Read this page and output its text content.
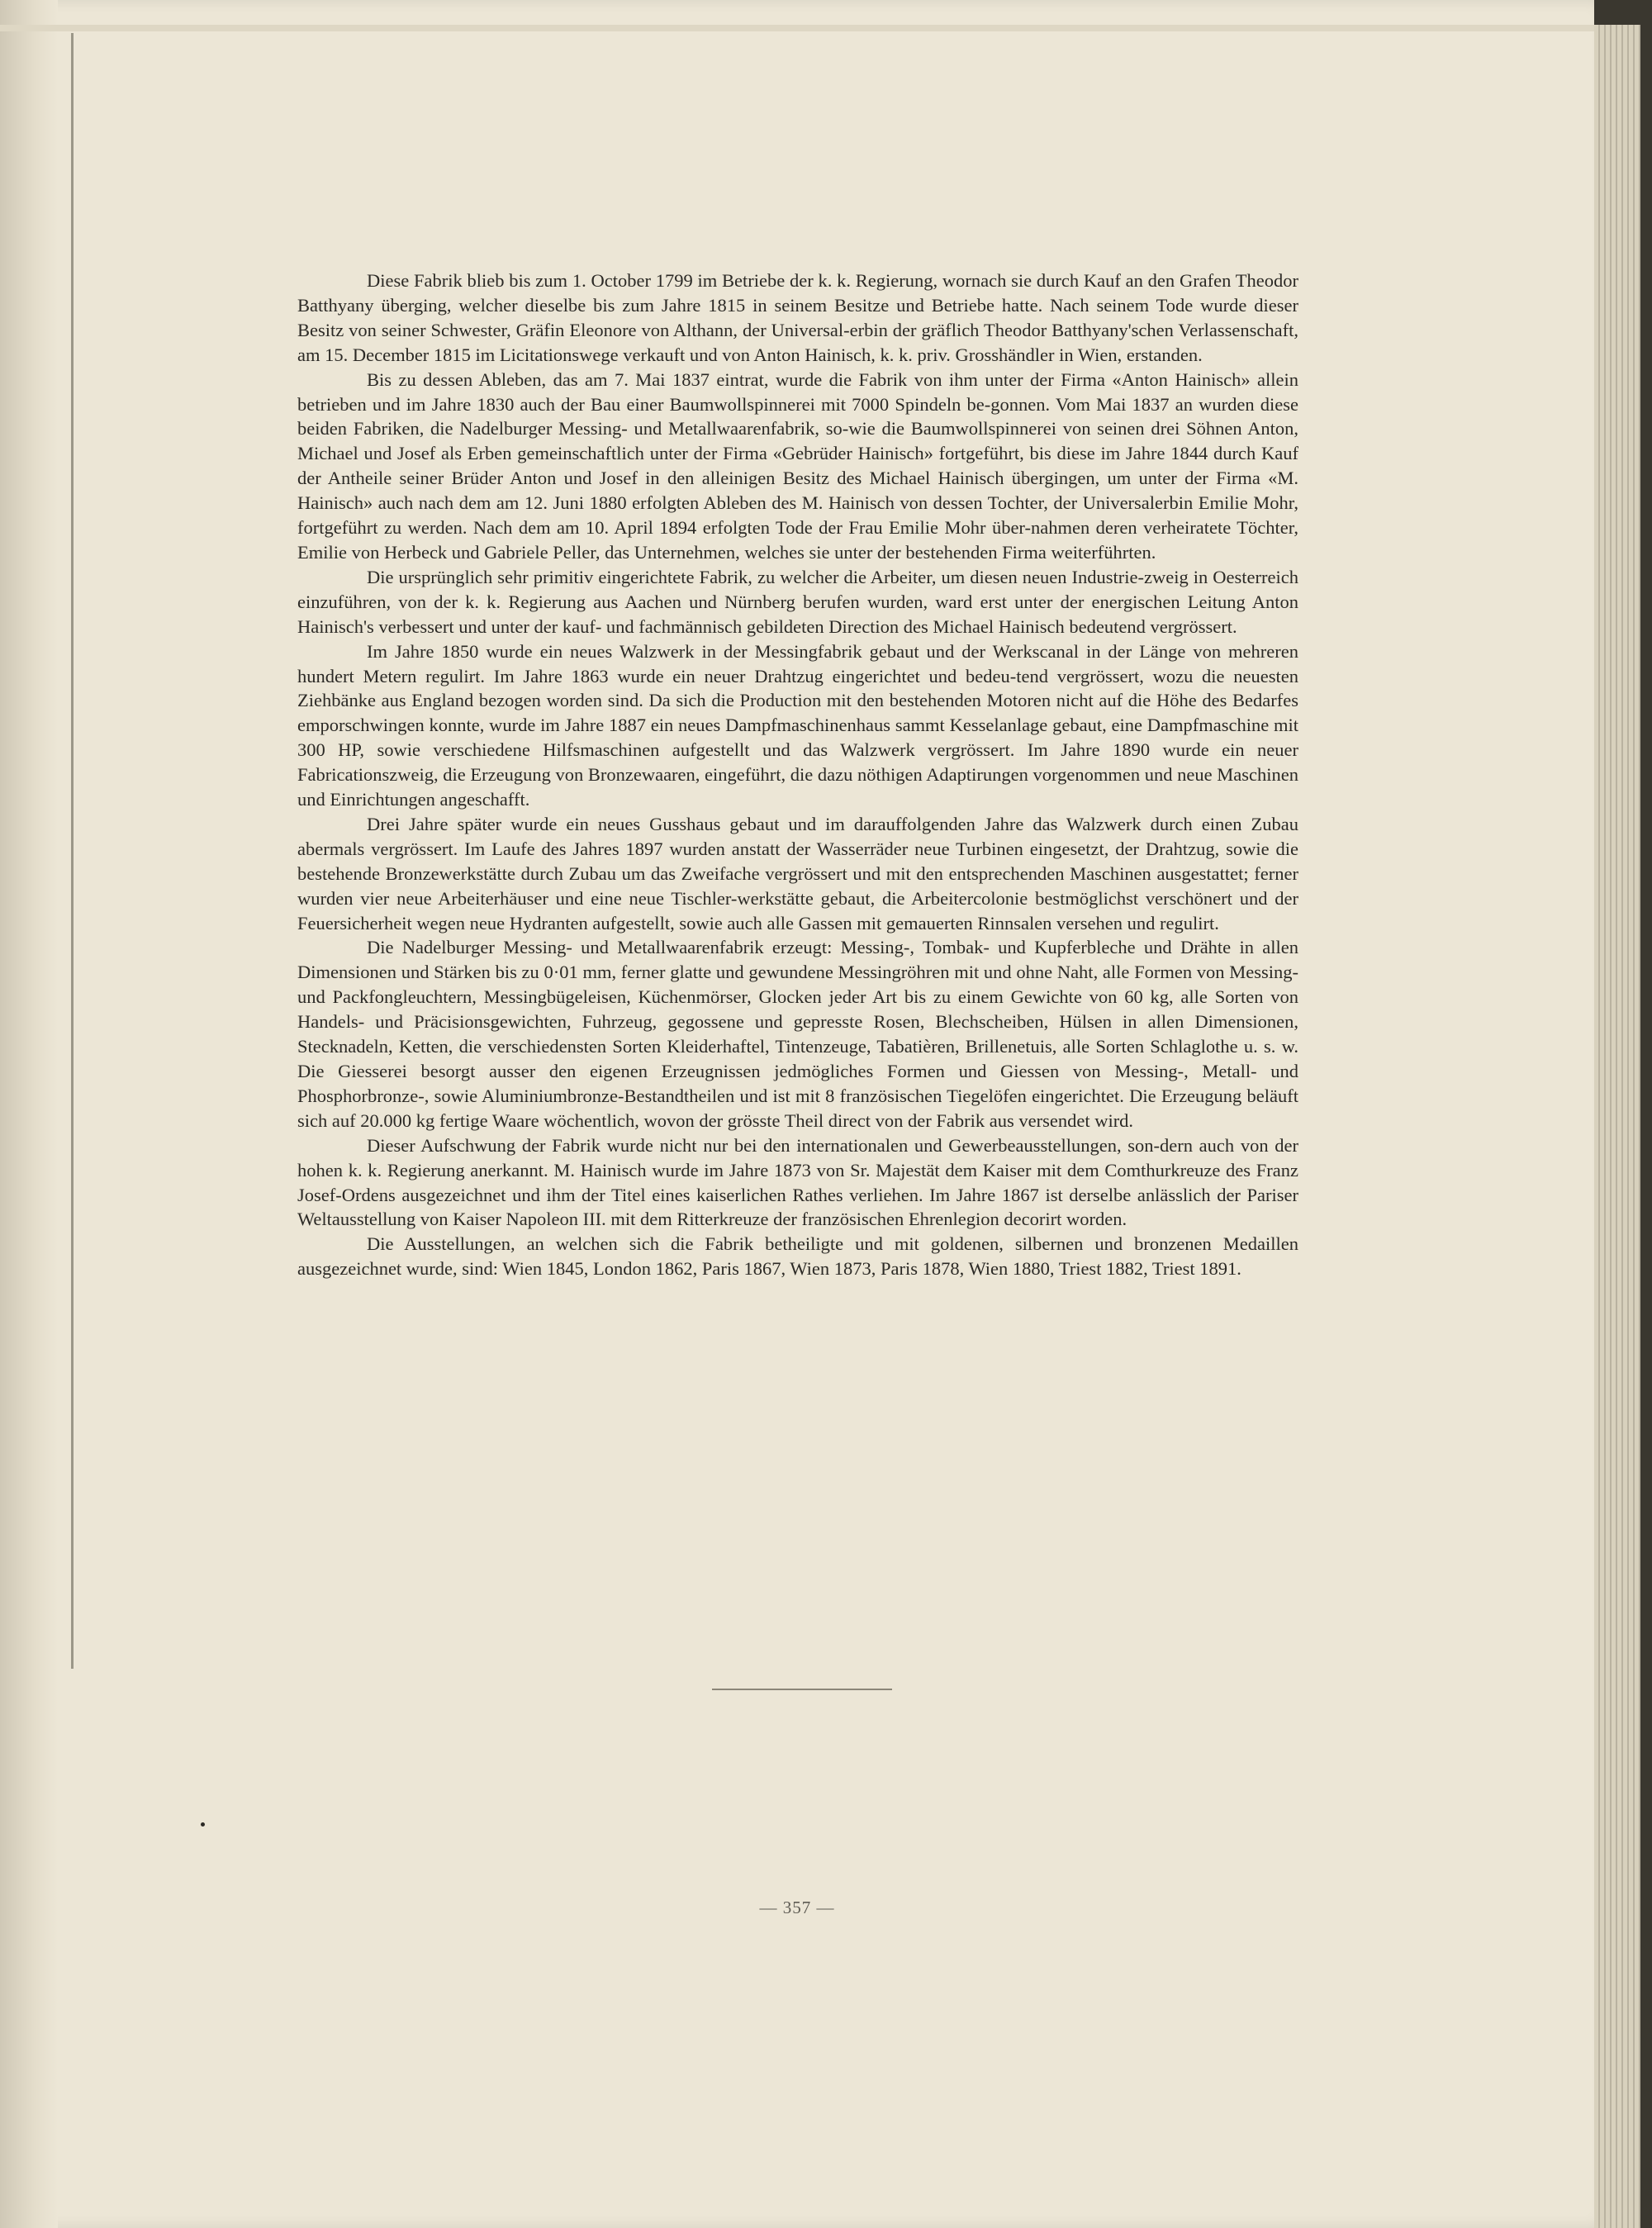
Diese Fabrik blieb bis zum 1. October 1799 im Betriebe der k. k. Regierung, wornach sie durch Kauf an den Grafen Theodor Batthyany überging, welcher dieselbe bis zum Jahre 1815 in seinem Besitze und Betriebe hatte. Nach seinem Tode wurde dieser Besitz von seiner Schwester, Gräfin Eleonore von Althann, der Universal-erbin der gräflich Theodor Batthyany'schen Verlassenschaft, am 15. December 1815 im Licitationswege verkauft und von Anton Hainisch, k. k. priv. Grosshändler in Wien, erstanden.

Bis zu dessen Ableben, das am 7. Mai 1837 eintrat, wurde die Fabrik von ihm unter der Firma «Anton Hainisch» allein betrieben und im Jahre 1830 auch der Bau einer Baumwollspinnerei mit 7000 Spindeln be-gonnen. Vom Mai 1837 an wurden diese beiden Fabriken, die Nadelburger Messing- und Metallwaarenfabrik, so-wie die Baumwollspinnerei von seinen drei Söhnen Anton, Michael und Josef als Erben gemeinschaftlich unter der Firma «Gebrüder Hainisch» fortgeführt, bis diese im Jahre 1844 durch Kauf der Antheile seiner Brüder Anton und Josef in den alleinigen Besitz des Michael Hainisch übergingen, um unter der Firma «M. Hainisch» auch nach dem am 12. Juni 1880 erfolgten Ableben des M. Hainisch von dessen Tochter, der Universalerbin Emilie Mohr, fortgeführt zu werden. Nach dem am 10. April 1894 erfolgten Tode der Frau Emilie Mohr über-nahmen deren verheiratete Töchter, Emilie von Herbeck und Gabriele Peller, das Unternehmen, welches sie unter der bestehenden Firma weiterführten.

Die ursprünglich sehr primitiv eingerichtete Fabrik, zu welcher die Arbeiter, um diesen neuen Industrie-zweig in Oesterreich einzuführen, von der k. k. Regierung aus Aachen und Nürnberg berufen wurden, ward erst unter der energischen Leitung Anton Hainisch's verbessert und unter der kauf- und fachmännisch gebildeten Direction des Michael Hainisch bedeutend vergrössert.

Im Jahre 1850 wurde ein neues Walzwerk in der Messingfabrik gebaut und der Werkscanal in der Länge von mehreren hundert Metern regulirt. Im Jahre 1863 wurde ein neuer Drahtzug eingerichtet und bedeu-tend vergrössert, wozu die neuesten Ziehbänke aus England bezogen worden sind. Da sich die Production mit den bestehenden Motoren nicht auf die Höhe des Bedarfes emporschwingen konnte, wurde im Jahre 1887 ein neues Dampfmaschinenhaus sammt Kesselanlage gebaut, eine Dampfmaschine mit 300 HP, sowie verschiedene Hilfsmaschinen aufgestellt und das Walzwerk vergrössert. Im Jahre 1890 wurde ein neuer Fabricationszweig, die Erzeugung von Bronzewaaren, eingeführt, die dazu nöthigen Adaptirungen vorgenommen und neue Maschinen und Einrichtungen angeschafft.

Drei Jahre später wurde ein neues Gusshaus gebaut und im darauffolgenden Jahre das Walzwerk durch einen Zubau abermals vergrössert. Im Laufe des Jahres 1897 wurden anstatt der Wasserräder neue Turbinen eingesetzt, der Drahtzug, sowie die bestehende Bronzewerkstätte durch Zubau um das Zweifache vergrössert und mit den entsprechenden Maschinen ausgestattet; ferner wurden vier neue Arbeiterhäuser und eine neue Tischler-werkstätte gebaut, die Arbeitercolonie bestmöglichst verschönert und der Feuersicherheit wegen neue Hydranten aufgestellt, sowie auch alle Gassen mit gemauerten Rinnsalen versehen und regulirt.

Die Nadelburger Messing- und Metallwaarenfabrik erzeugt: Messing-, Tombak- und Kupferbleche und Drähte in allen Dimensionen und Stärken bis zu 0·01 mm, ferner glatte und gewundene Messingröhren mit und ohne Naht, alle Formen von Messing- und Packfongleuchtern, Messingbügeleisen, Küchenmörser, Glocken jeder Art bis zu einem Gewichte von 60 kg, alle Sorten von Handels- und Präcisionsgewichten, Fuhrzeug, gegossene und gepresste Rosen, Blechscheiben, Hülsen in allen Dimensionen, Stecknadeln, Ketten, die verschiedensten Sorten Kleiderhaftel, Tintenzeuge, Tabatièren, Brillenetuis, alle Sorten Schlaglothe u. s. w. Die Giesserei besorgt ausser den eigenen Erzeugnissen jedmögliches Formen und Giessen von Messing-, Metall- und Phosphorbronze-, sowie Aluminiumbronze-Bestandtheilen und ist mit 8 französischen Tiegelöfen eingerichtet. Die Erzeugung beläuft sich auf 20.000 kg fertige Waare wöchentlich, wovon der grösste Theil direct von der Fabrik aus versendet wird.

Dieser Aufschwung der Fabrik wurde nicht nur bei den internationalen und Gewerbeausstellungen, son-dern auch von der hohen k. k. Regierung anerkannt. M. Hainisch wurde im Jahre 1873 von Sr. Majestät dem Kaiser mit dem Comthurkreuze des Franz Josef-Ordens ausgezeichnet und ihm der Titel eines kaiserlichen Rathes verliehen. Im Jahre 1867 ist derselbe anlässlich der Pariser Weltausstellung von Kaiser Napoleon III. mit dem Ritterkreuze der französischen Ehrenlegion decorirt worden.

Die Ausstellungen, an welchen sich die Fabrik betheiligte und mit goldenen, silbernen und bronzenen Medaillen ausgezeichnet wurde, sind: Wien 1845, London 1862, Paris 1867, Wien 1873, Paris 1878, Wien 1880, Triest 1882, Triest 1891.

— 357 —
